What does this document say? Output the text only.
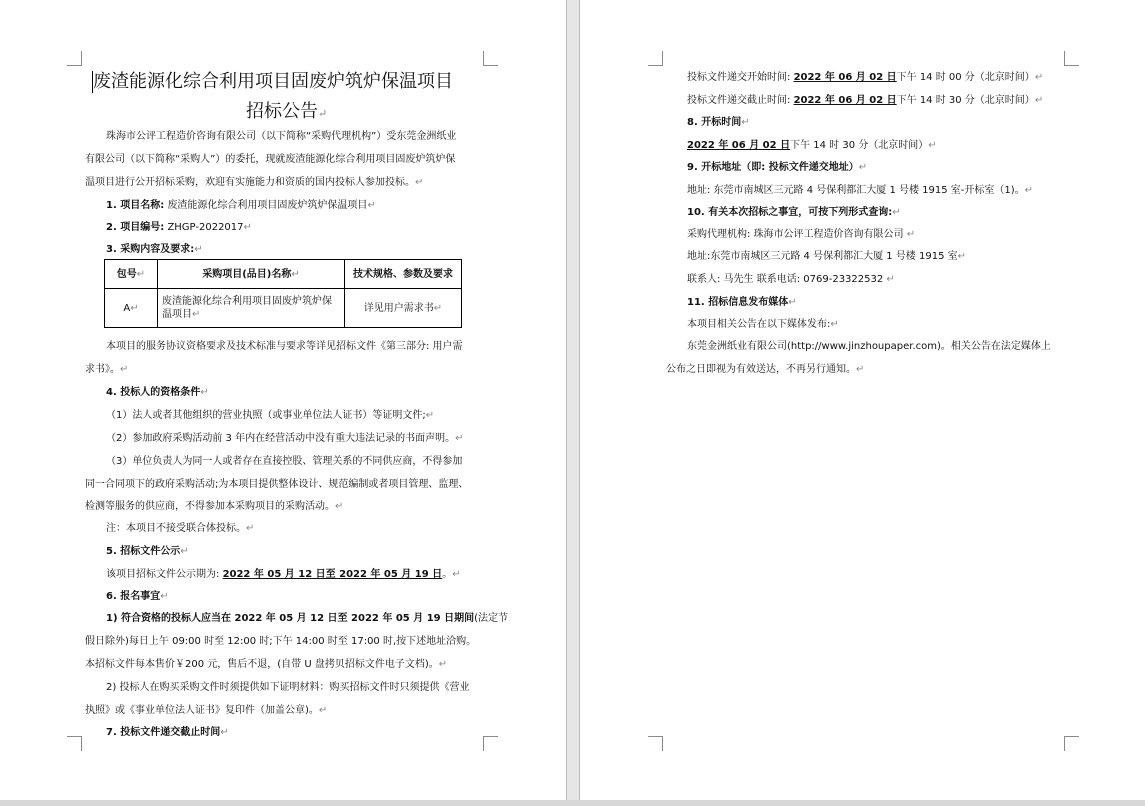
废渣能源化综合利用项目固废炉筑炉保温项目
招标公告↵
珠海市公评工程造价咨询有限公司（以下简称“采购代理机构”）受东莞金洲纸业
有限公司（以下简称“采购人”）的委托，现就废渣能源化综合利用项目固废炉筑炉保
温项目进行公开招标采购，欢迎有实施能力和资质的国内投标人参加投标。↵
1. 项目名称: 废渣能源化综合利用项目固废炉筑炉保温项目↵
2. 项目编号: ZHGP-2022017↵
3. 采购内容及要求:↵
包号↵	采购项目(品目)名称↵	技术规格、参数及要求
A↵	废渣能源化综合利用项目固废炉筑炉保温项目↵	详见用户需求书↵
本项目的服务协议资格要求及技术标准与要求等详见招标文件《第三部分: 用户需
求书》。↵
4. 投标人的资格条件↵
（1）法人或者其他组织的营业执照（或事业单位法人证书）等证明文件;↵
（2）参加政府采购活动前 3 年内在经营活动中没有重大违法记录的书面声明。↵
（3）单位负责人为同一人或者存在直接控股、管理关系的不同供应商，不得参加
同一合同项下的政府采购活动;为本项目提供整体设计、规范编制或者项目管理、监理、
检测等服务的供应商，不得参加本采购项目的采购活动。↵
注：本项目不接受联合体投标。↵
5. 招标文件公示↵
该项目招标文件公示期为: 2022 年 05 月 12 日至 2022 年 05 月 19 日。↵
6. 报名事宜↵
1) 符合资格的投标人应当在 2022 年 05 月 12 日至 2022 年 05 月 19 日期间(法定节
假日除外)每日上午 09:00 时至 12:00 时;下午 14:00 时至 17:00 时,按下述地址洽购。
本招标文件每本售价￥200 元，售后不退，(自带 U 盘拷贝招标文件电子文档)。↵
2) 投标人在购买采购文件时须提供如下证明材料：购买招标文件时只须提供《营业
执照》或《事业单位法人证书》复印件（加盖公章)。↵
7. 投标文件递交截止时间↵
投标文件递交开始时间: 2022 年 06 月 02 日下午 14 时 00 分（北京时间）↵
投标文件递交截止时间: 2022 年 06 月 02 日下午 14 时 30 分（北京时间）↵
8. 开标时间↵
2022 年 06 月 02 日下午 14 时 30 分（北京时间）↵
9. 开标地址（即: 投标文件递交地址）↵
地址: 东莞市南城区三元路 4 号保利都汇大厦 1 号楼 1915 室-开标室（1)。↵
10. 有关本次招标之事宜，可按下列形式查询:↵
采购代理机构: 珠海市公评工程造价咨询有限公司 ↵
地址:东莞市南城区三元路 4 号保利都汇大厦 1 号楼 1915 室↵
联系人: 马先生 联系电话: 0769-23322532 ↵
11. 招标信息发布媒体↵
本项目相关公告在以下媒体发布:↵
东莞金洲纸业有限公司(http://www.jinzhoupaper.com)。相关公告在法定媒体上
公布之日即视为有效送达，不再另行通知。↵
